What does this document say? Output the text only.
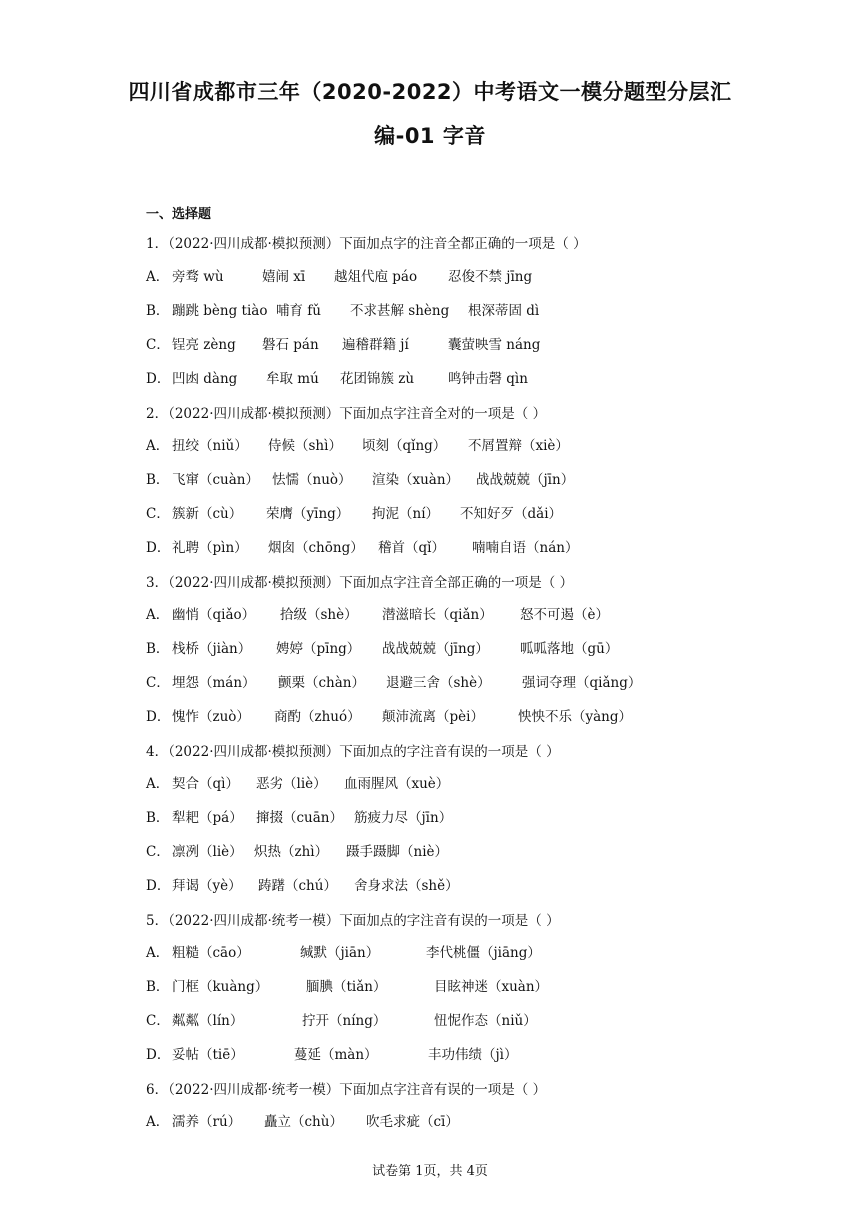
四川省成都市三年（2020-2022）中考语文一模分题型分层汇
编-01 字音
一、选择题
1．（2022·四川成都·模拟预测）下面加点字的注音全都正确的一项是（ ）
A． 旁骛 wù	嬉闹 xī 越俎代庖 páo 忍俊不禁 jīng
B． 蹦跳 bèng tiào 哺育 fǔ 不求甚解 shèng 根深蒂固 dì
C． 锃亮 zèng 磐石 pán 遍稽群籍 jí	囊萤映雪 náng
D． 凹凼 dàng 牟取 mú 花团锦簇 zù	鸣钟击磬 qìn
2．（2022·四川成都·模拟预测）下面加点字注音全对的一项是（ ）
A． 扭绞（niǔ） 侍候（shì） 顷刻（qǐng） 不屑置辩（xiè）
B． 飞窜（cuàn） 怯懦（nuò） 渲染（xuàn） 战战兢兢（jīn）
C． 簇新（cù） 荣膺（yīng） 拘泥（ní） 不知好歹（dǎi）
D． 礼聘（pìn） 烟囱（chōng） 稽首（qǐ） 喃喃自语（nán）
3．（2022·四川成都·模拟预测）下面加点字注音全部正确的一项是（ ）
A． 幽悄（qiǎo） 拾级（shè） 潜滋暗长（qiǎn） 怒不可遏（è）
B． 栈桥（jiàn） 娉婷（pīng） 战战兢兢（jīng） 呱呱落地（gū）
C． 埋怨（mán） 颤栗（chàn） 退避三舍（shè） 强词夺理（qiǎng）
D． 愧怍（zuò） 商酌（zhuó） 颠沛流离（pèi）	怏怏不乐（yàng）
4．（2022·四川成都·模拟预测）下面加点的字注音有误的一项是（ ）
A． 契合（qì） 恶劣（liè） 血雨腥风（xuè）
B． 犁耙（pá） 撺掇（cuān） 筋疲力尽（jīn）
C． 凛冽（liè） 炽热（zhì） 蹑手蹑脚（niè）
D． 拜谒（yè） 踌躇（chú） 舍身求法（shě）
5．（2022·四川成都·统考一模）下面加点的字注音有误的一项是（ ）
A． 粗糙（cāo）	缄默（jiān）	李代桃僵（jiāng）
B． 门框（kuàng）	腼腆（tiǎn）	目眩神迷（xuàn）
C． 粼粼（lín）	拧开（níng）	忸怩作态（niǔ）
D． 妥帖（tiē）	蔓延（màn）	丰功伟绩（jì）
6．（2022·四川成都·统考一模）下面加点字注音有误的一项是（ ）
A． 濡养（rú） 矗立（chù） 吹毛求疵（cī）
试卷第 1页，共 4页
